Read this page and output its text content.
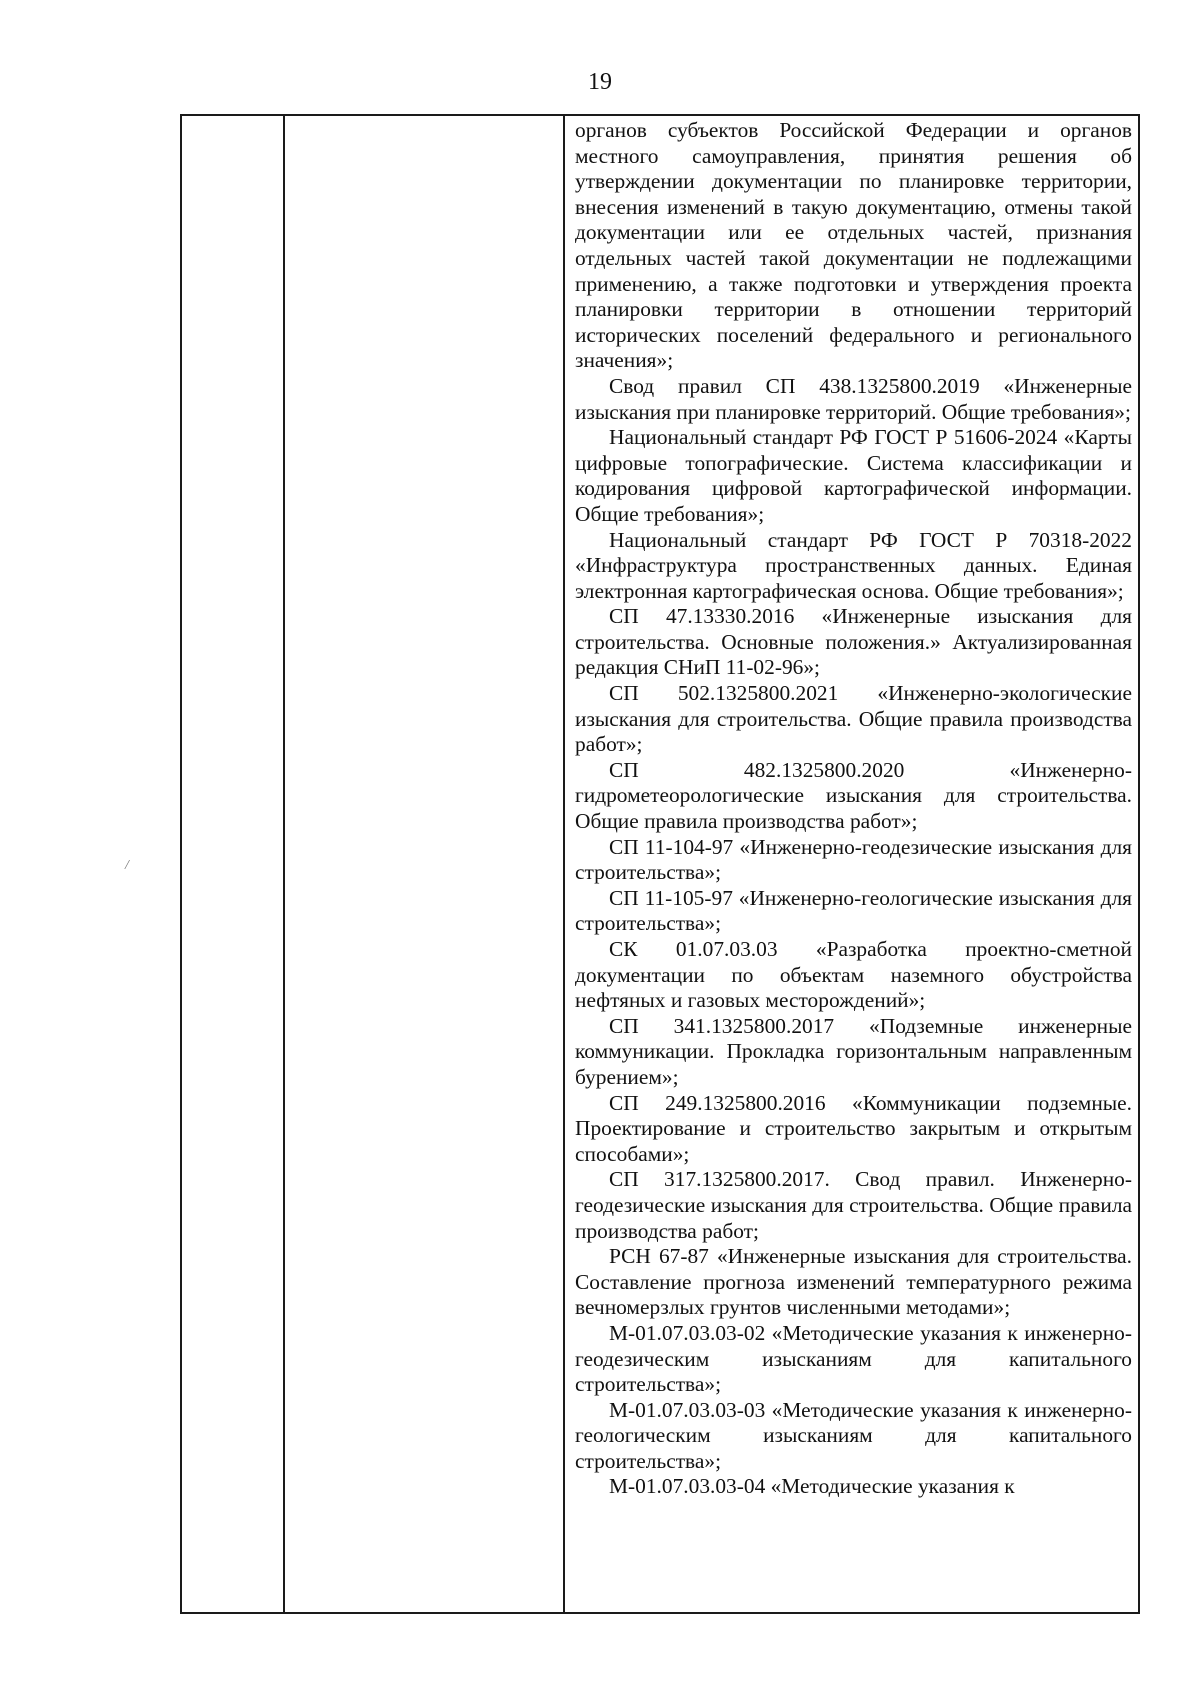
19
/

органов субъектов Российской Федерации и органов местного самоуправления, принятия решения об утверждении документации по планировке территории, внесения изменений в такую документацию, отмены такой документации или ее отдельных частей, признания отдельных частей такой документации не подлежащими применению, а также подготовки и утверждения проекта планировки территории в отношении территорий исторических поселений федерального и регионального значения»;

Свод правил СП 438.1325800.2019 «Инженерные изыскания при планировке территорий. Общие требования»;

Национальный стандарт РФ ГОСТ Р 51606-2024 «Карты цифровые топографические. Система классификации и кодирования цифровой картографической информации. Общие требования»;

Национальный стандарт РФ ГОСТ Р 70318-2022 «Инфраструктура пространственных данных. Единая электронная картографическая основа. Общие требования»;

СП 47.13330.2016 «Инженерные изыскания для строительства. Основные положения.» Актуализированная редакция СНиП 11-02-96»;

СП 502.1325800.2021 «Инженерно-экологические изыскания для строительства. Общие правила производства работ»;

СП 482.1325800.2020 «Инженерно-гидрометеорологические изыскания для строительства. Общие правила производства работ»;

СП 11-104-97 «Инженерно-геодезические изыскания для строительства»;

СП 11-105-97 «Инженерно-геологические изыскания для строительства»;

СК 01.07.03.03 «Разработка проектно-сметной документации по объектам наземного обустройства нефтяных и газовых месторождений»;

СП 341.1325800.2017 «Подземные инженерные коммуникации. Прокладка горизонтальным направленным бурением»;

СП 249.1325800.2016 «Коммуникации подземные. Проектирование и строительство закрытым и открытым способами»;

СП 317.1325800.2017. Свод правил. Инженерно-геодезические изыскания для строительства. Общие правила производства работ;

РСН 67-87 «Инженерные изыскания для строительства. Составление прогноза изменений температурного режима вечномерзлых грунтов численными методами»;

М-01.07.03.03-02 «Методические указания к инженерно-геодезическим изысканиям для капитального строительства»;

М-01.07.03.03-03 «Методические указания к инженерно-геологическим изысканиям для капитального строительства»;

М-01.07.03.03-04 «Методические указания к
